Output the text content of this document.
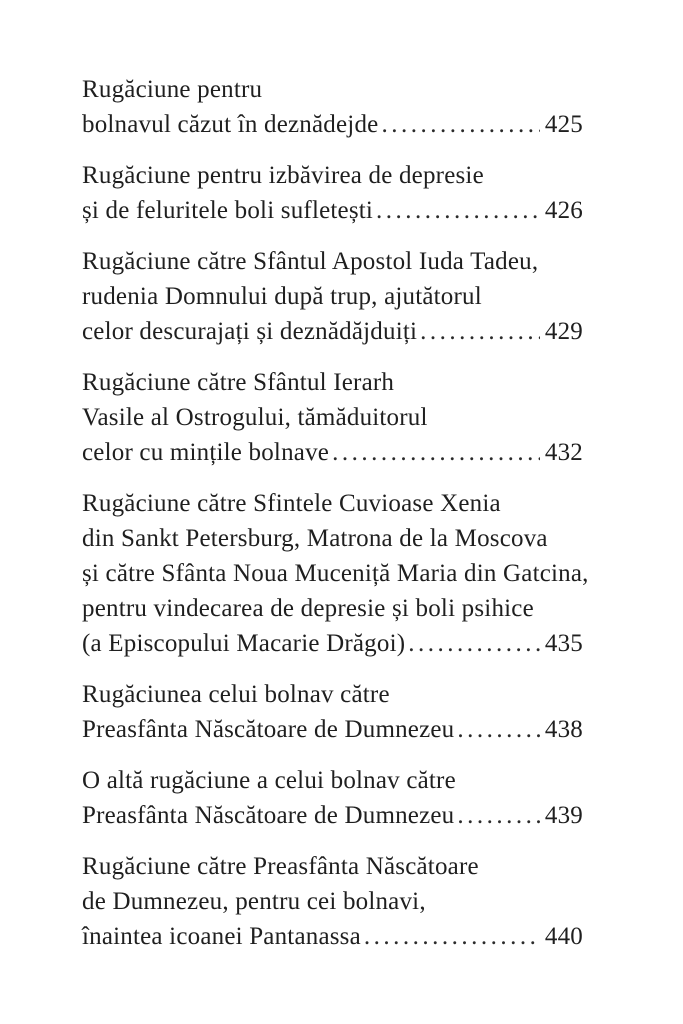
Rugăciune pentru
bolnavul căzut în deznădejde .....	425
Rugăciune pentru izbăvirea de depresie
și de feluritele boli sufletești .....	426
Rugăciune către Sfântul Apostol Iuda Tadeu,
rudenia Domnului după trup, ajutătorul
celor descurajați și deznădăjduiți .....	429
Rugăciune către Sfântul Ierarh
Vasile al Ostrogului, tămăduitorul
celor cu mințile bolnave .....	432
Rugăciune către Sfintele Cuvioase Xenia
din Sankt Petersburg, Matrona de la Moscova
și către Sfânta Noua Muceniță Maria din Gatcina,
pentru vindecarea de depresie și boli psihice
(a Episcopului Macarie Drăgoi) .....	435
Rugăciunea celui bolnav către
Preasfânta Născătoare de Dumnezeu .....	438
O altă rugăciune a celui bolnav către
Preasfânta Născătoare de Dumnezeu .....	439
Rugăciune către Preasfânta Născătoare
de Dumnezeu, pentru cei bolnavi,
înaintea icoanei Pantanassa .....	440
